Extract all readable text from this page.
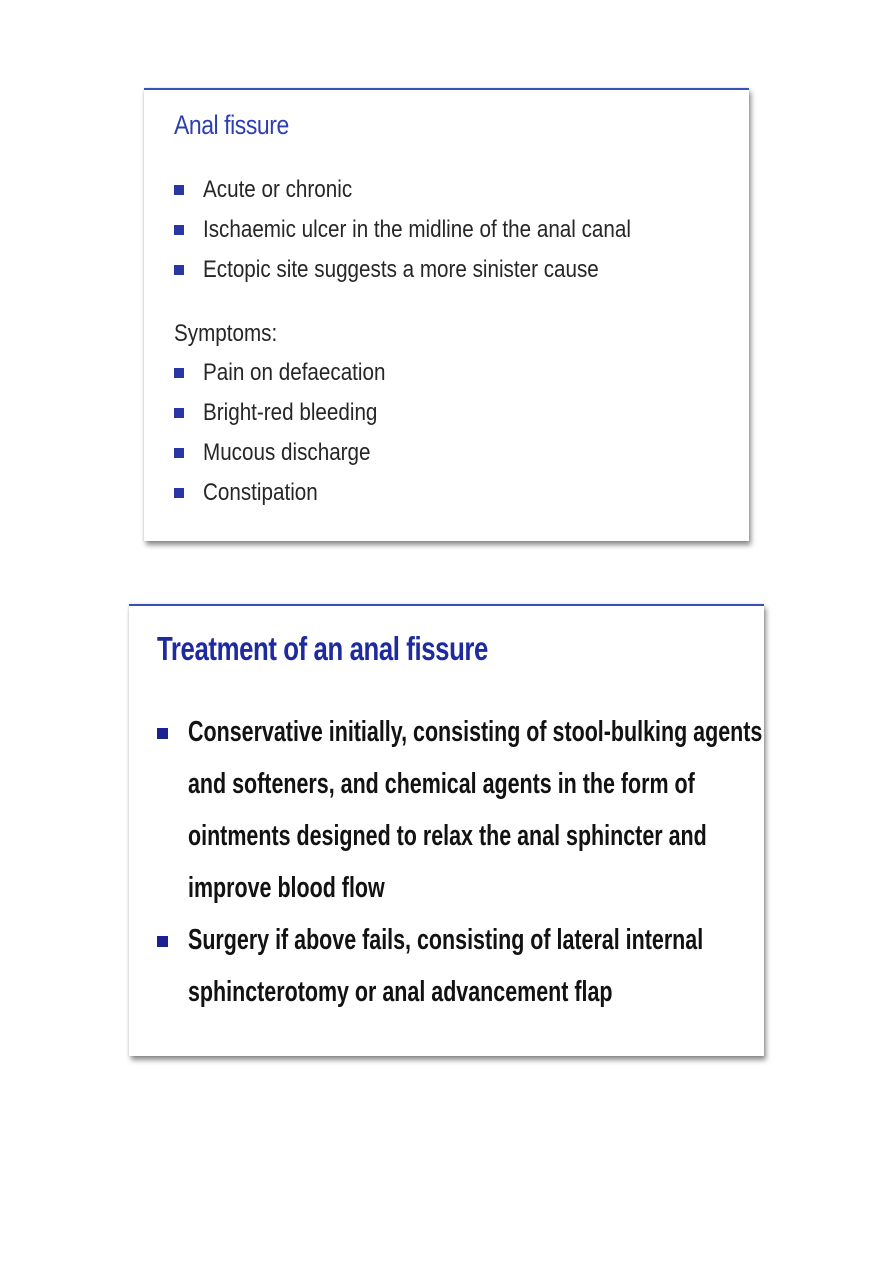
Anal fissure
Acute or chronic
Ischaemic ulcer in the midline of the anal canal
Ectopic site suggests a more sinister cause
Symptoms:
Pain on defaecation
Bright-red bleeding
Mucous discharge
Constipation
Treatment of an anal fissure
Conservative initially, consisting of stool-bulking agents
and softeners, and chemical agents in the form of
ointments designed to relax the anal sphincter and
improve blood flow
Surgery if above fails, consisting of lateral internal
sphincterotomy or anal advancement flap
